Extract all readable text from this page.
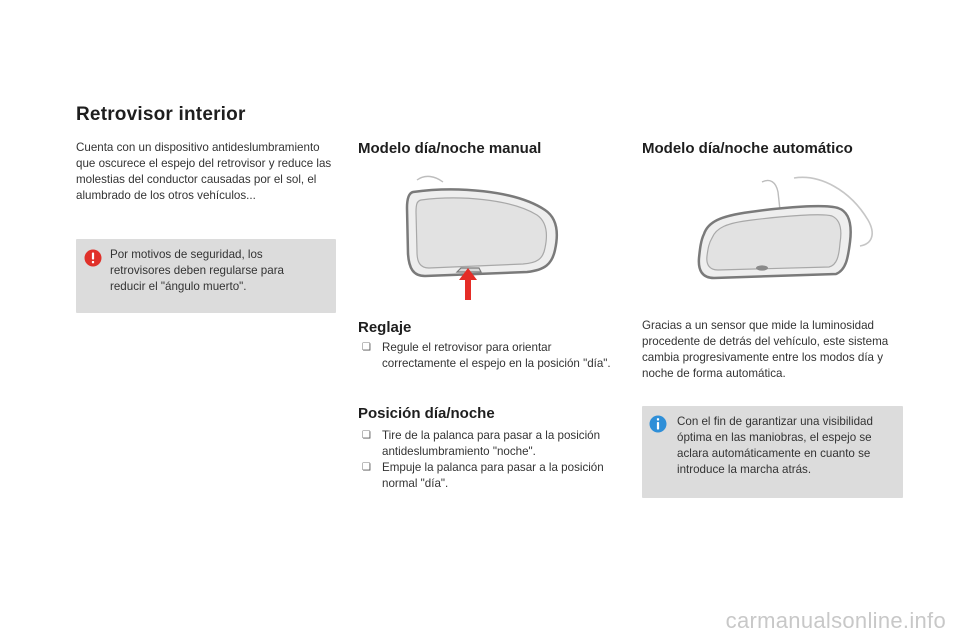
Retrovisor interior
Cuenta con un dispositivo antideslumbramiento que oscurece el espejo del retrovisor y reduce las molestias del conductor causadas por el sol, el alumbrado de los otros vehículos...
Por motivos de seguridad, los retrovisores deben regularse para reducir el "ángulo muerto".
Modelo día/noche manual
Reglaje
❏ Regule el retrovisor para orientar correctamente el espejo en la posición "día".
Posición día/noche
❏ Tire de la palanca para pasar a la posición antideslumbramiento "noche".
❏ Empuje la palanca para pasar a la posición normal "día".
Modelo día/noche automático
Gracias a un sensor que mide la luminosidad procedente de detrás del vehículo, este sistema cambia progresivamente entre los modos día y noche de forma automática.
Con el fin de garantizar una visibilidad óptima en las maniobras, el espejo se aclara automáticamente en cuanto se introduce la marcha atrás.
carmanualsonline.info
